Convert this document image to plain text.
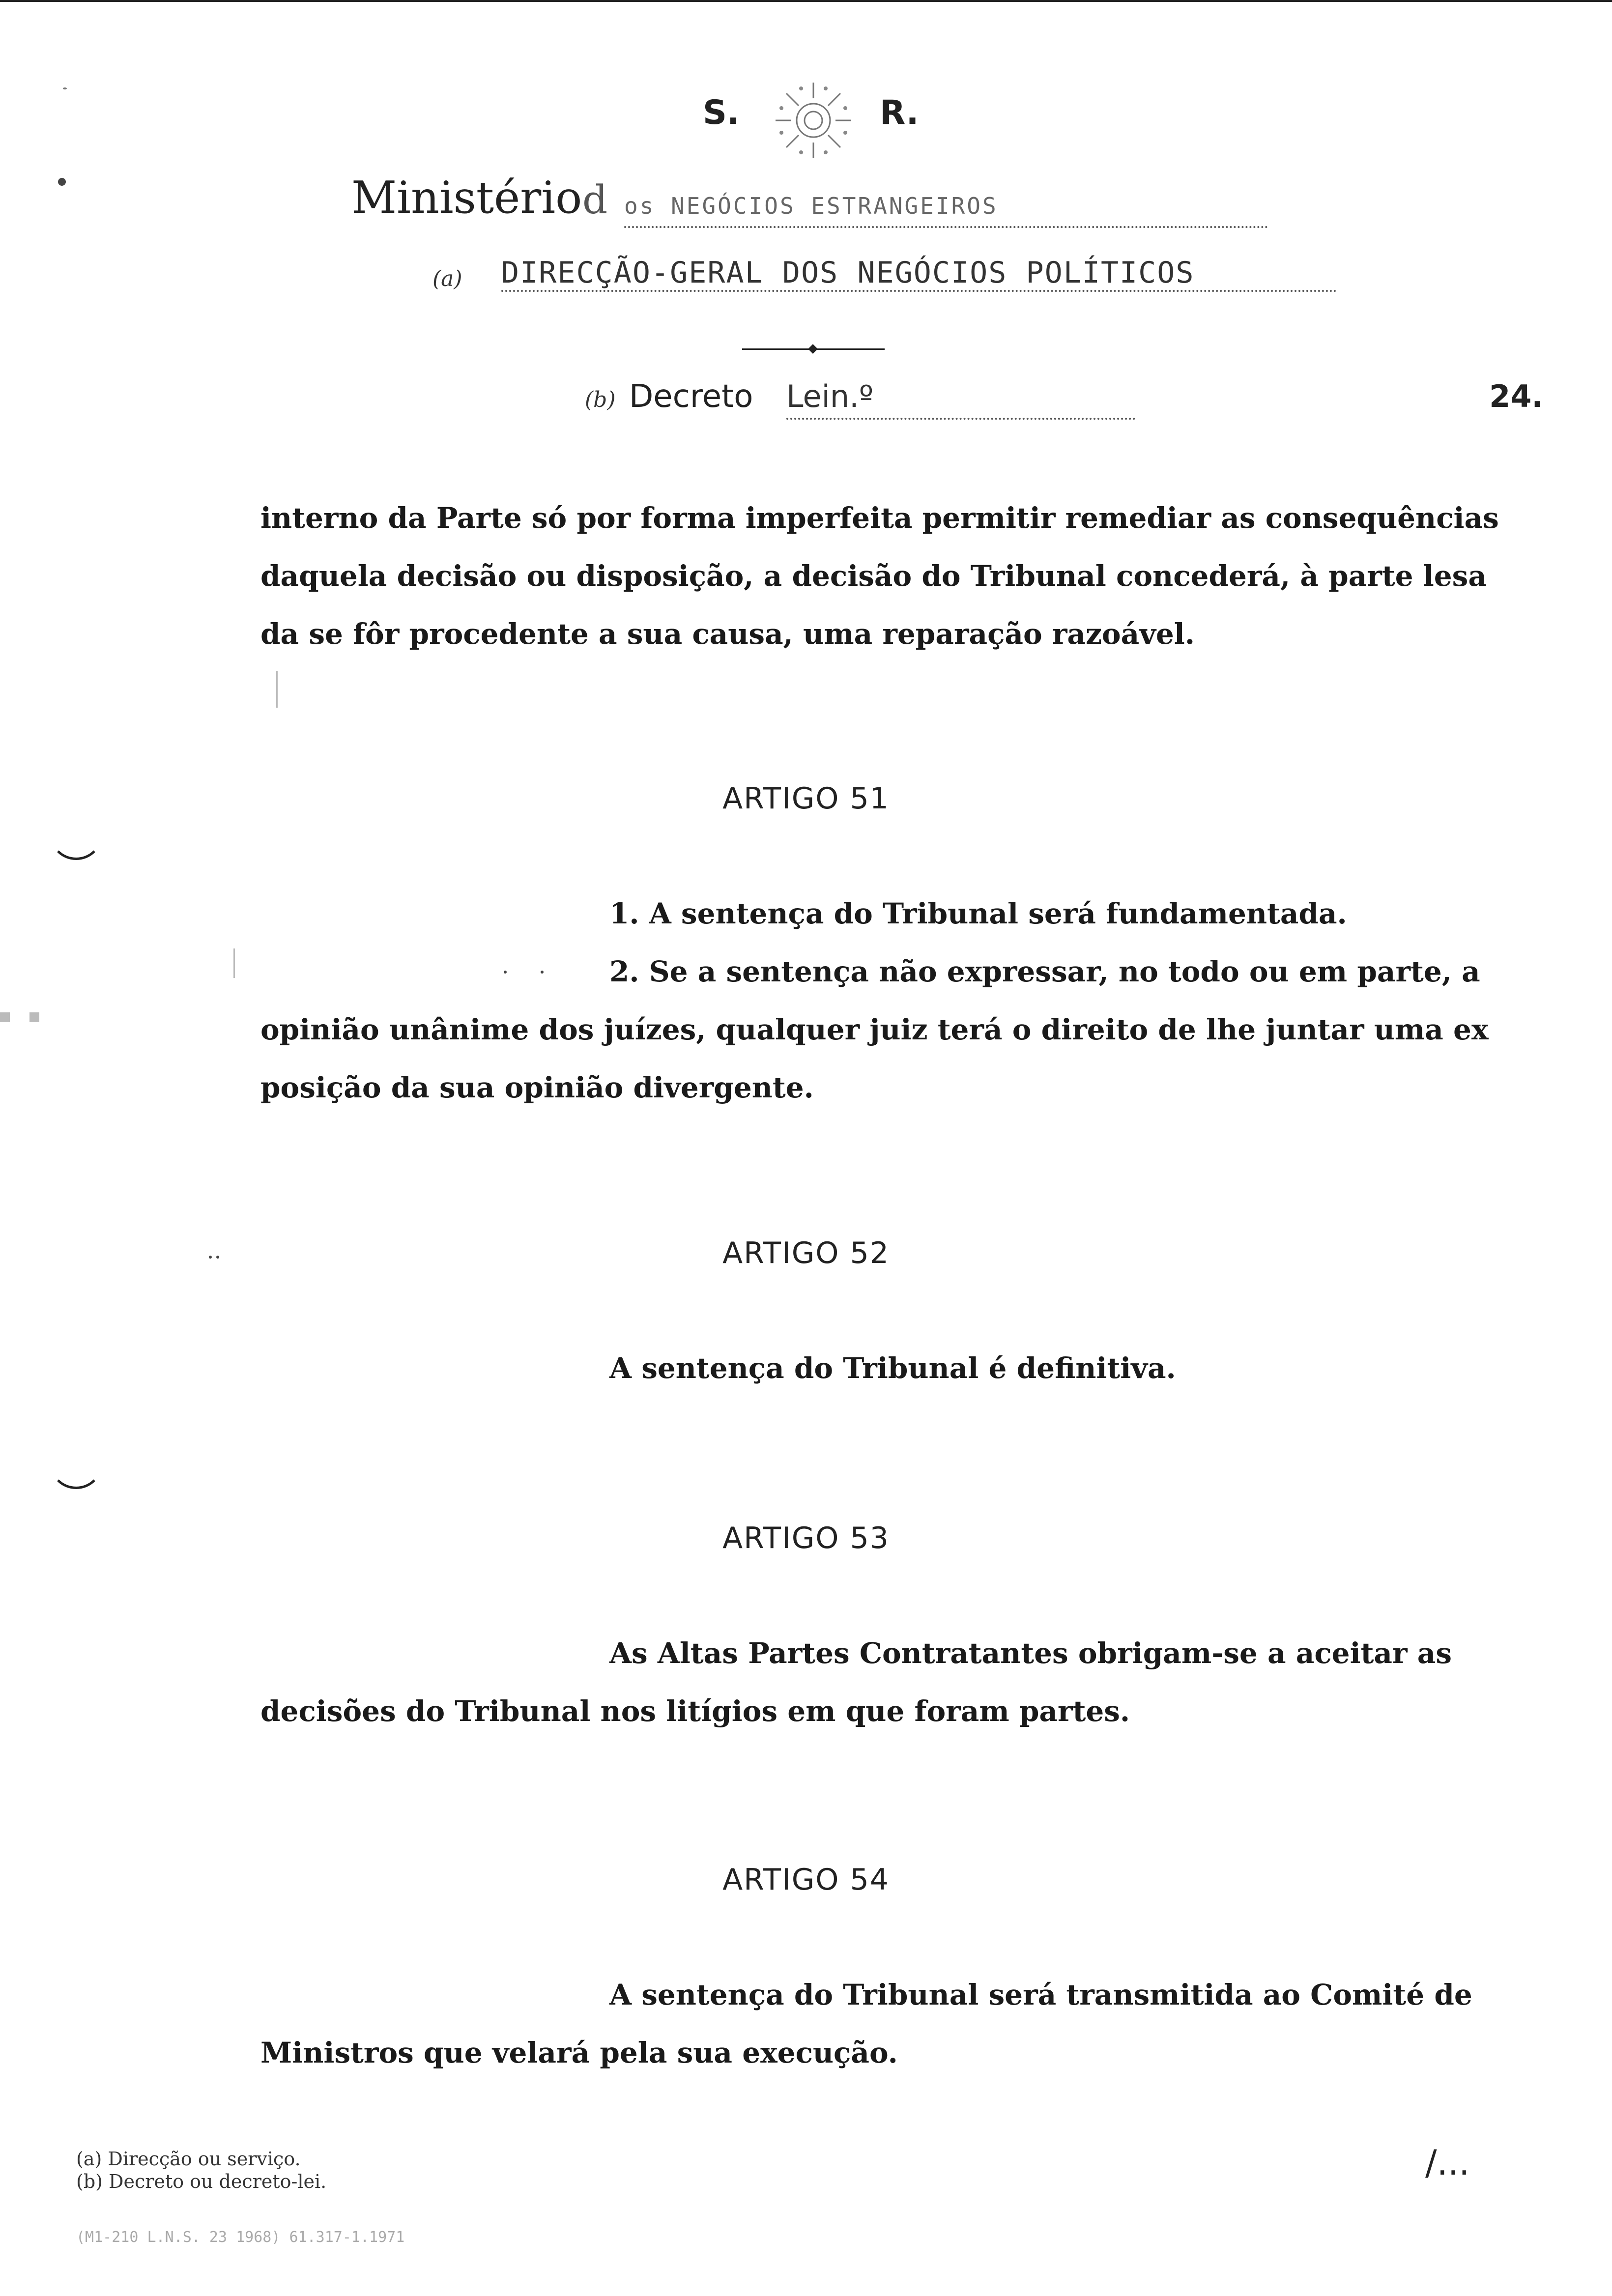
S.	R.
Ministério d os NEGÓCIOS ESTRANGEIROS
(a) DIRECÇÃO-GERAL DOS NEGÓCIOS POLÍTICOS
(b) Decreto Lein.º	24.
interno da Parte só por forma imperfeita permitir remediar as consequências
daquela decisão ou disposição, a decisão do Tribunal concederá, à parte lesa
da se fôr procedente a sua causa, uma reparação razoável.
ARTIGO 51
1. A sentença do Tribunal será fundamentada.
2. Se a sentença não expressar, no todo ou em parte, a
opinião unânime dos juízes, qualquer juiz terá o direito de lhe juntar uma ex
posição da sua opinião divergente.
ARTIGO 52
A sentença do Tribunal é definitiva.
ARTIGO 53
As Altas Partes Contratantes obrigam-se a aceitar as
decisões do Tribunal nos litígios em que foram partes.
ARTIGO 54
A sentença do Tribunal será transmitida ao Comité de
Ministros que velará pela sua execução.
(a) Direcção ou serviço.
(b) Decreto ou decreto-lei.
(M1-210 L.N.S. 23 1968) 61.317-1.1971
/...
